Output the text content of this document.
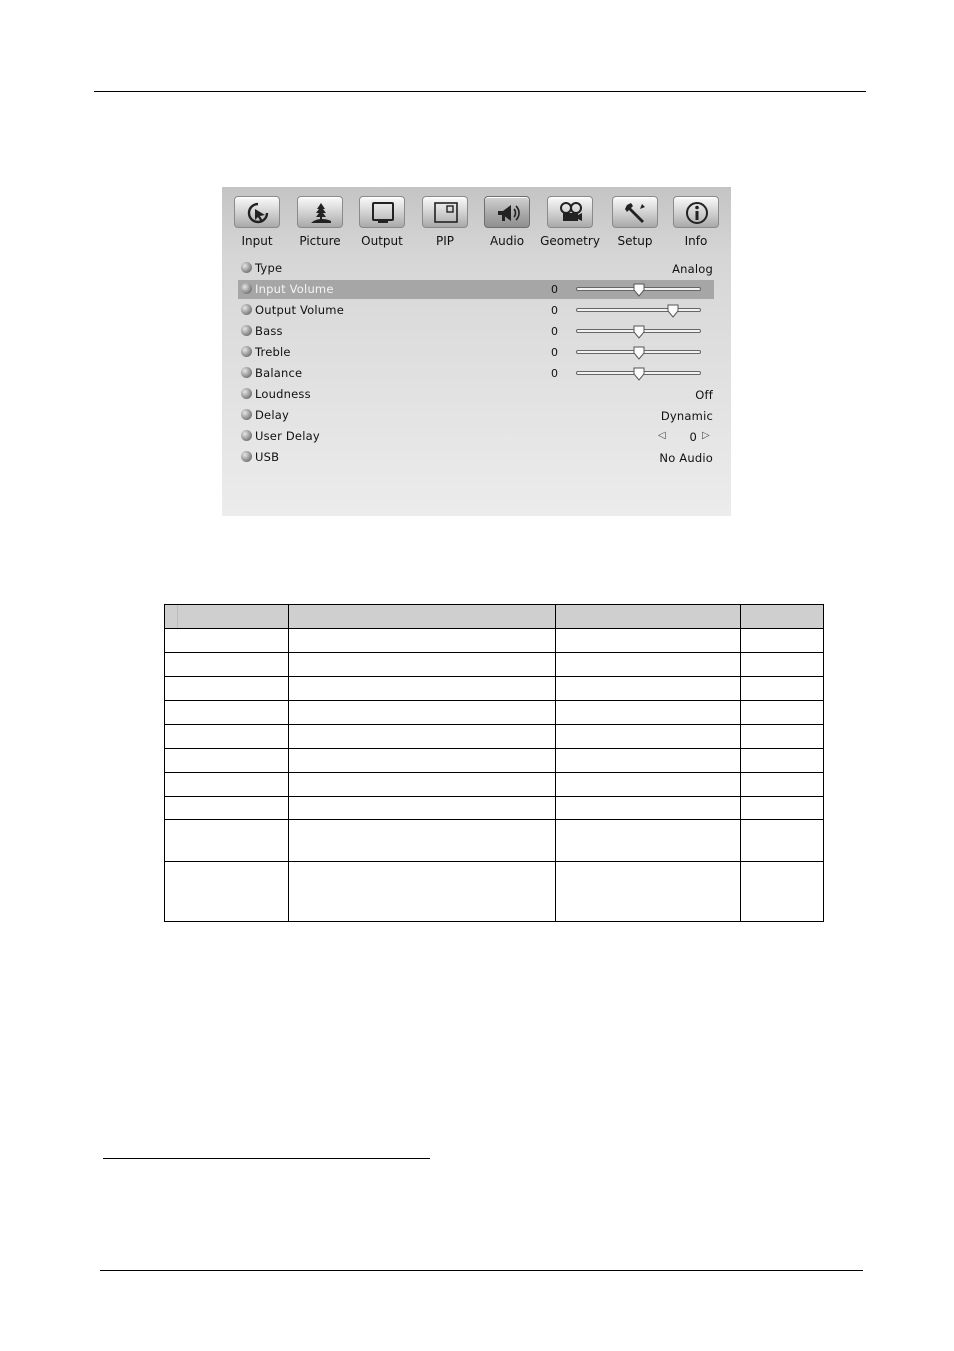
Input	Picture	Output	PIP	Audio	Geometry	Setup	Info
Type	Analog
Input Volume	0
Output Volume	0
Bass	0
Treble	0
Balance	0
Loudness	Off
Delay	Dynamic
User Delay	◁ 0 ▷
USB	No Audio
